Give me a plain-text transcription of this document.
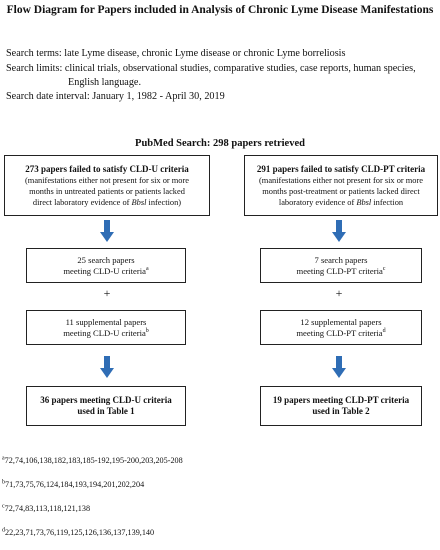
Flow Diagram for Papers included in Analysis of Chronic Lyme Disease Manifestations
Search terms: late Lyme disease, chronic Lyme disease or chronic Lyme borreliosis
Search limits: clinical trials, observational studies, comparative studies, case reports, human species,
English language.
Search date interval: January 1, 1982 - April 30, 2019
PubMed Search: 298 papers retrieved
273 papers failed to satisfy CLD-U criteria
(manifestations either not present for six or more
months in untreated patients or patients lacked
direct laboratory evidence of Bbsl infection)
25 search papers
meeting CLD-U criteria$^a$
+
11 supplemental papers
meeting CLD-U criteria$^b$
36 papers meeting CLD-U criteria
used in Table 1
291 papers failed to satisfy CLD-PT criteria
(manifestations either not present for six or more
months post-treatment or patients lacked direct
laboratory evidence of Bbsl infection
7 search papers
meeting CLD-PT criteria$^c$
+
12 supplemental papers
meeting CLD-PT criteria$^d$
19 papers meeting CLD-PT criteria
used in Table 2
$^a$72,74,106,138,182,183,185-192,195-200,203,205-208
$^b$71,73,75,76,124,184,193,194,201,202,204
$^c$72,74,83,113,118,121,138
$^d$22,23,71,73,76,119,125,126,136,137,139,140
